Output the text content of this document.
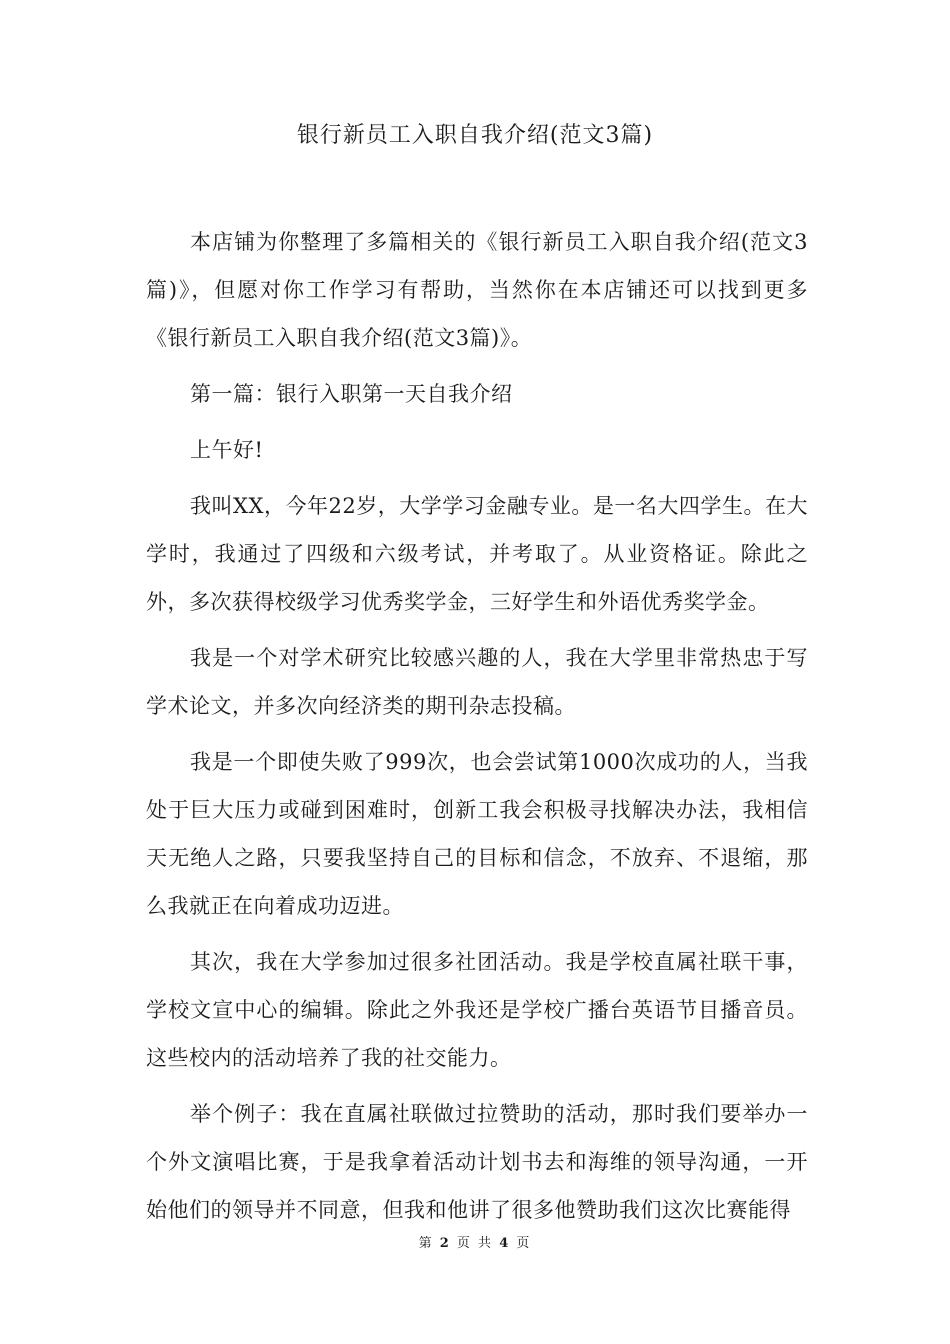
银行新员工入职自我介绍(范文3篇)

本店铺为你整理了多篇相关的《银行新员工入职自我介绍(范文3 篇)》，但愿对你工作学习有帮助，当然你在本店铺还可以找到更多《银行新员工入职自我介绍(范文3篇)》。

第一篇：银行入职第一天自我介绍

上午好!

我叫XX，今年22岁，大学学习金融专业。是一名大四学生。在大学时，我通过了四级和六级考试，并考取了。从业资格证。除此之外，多次获得校级学习优秀奖学金，三好学生和外语优秀奖学金。

我是一个对学术研究比较感兴趣的人，我在大学里非常热忠于写学术论文，并多次向经济类的期刊杂志投稿。

我是一个即使失败了999次，也会尝试第1000次成功的人，当我处于巨大压力或碰到困难时，创新工我会积极寻找解决办法，我相信天无绝人之路，只要我坚持自己的目标和信念，不放弃、不退缩，那么我就正在向着成功迈进。

其次，我在大学参加过很多社团活动。我是学校直属社联干事，学校文宣中心的编辑。除此之外我还是学校广播台英语节目播音员。这些校内的活动培养了我的社交能力。

举个例子：我在直属社联做过拉赞助的活动，那时我们要举办一个外文演唱比赛，于是我拿着活动计划书去和海维的领导沟通，一开始他们的领导并不同意，但我和他讲了很多他赞助我们这次比赛能得

第 2 页 共 4 页
